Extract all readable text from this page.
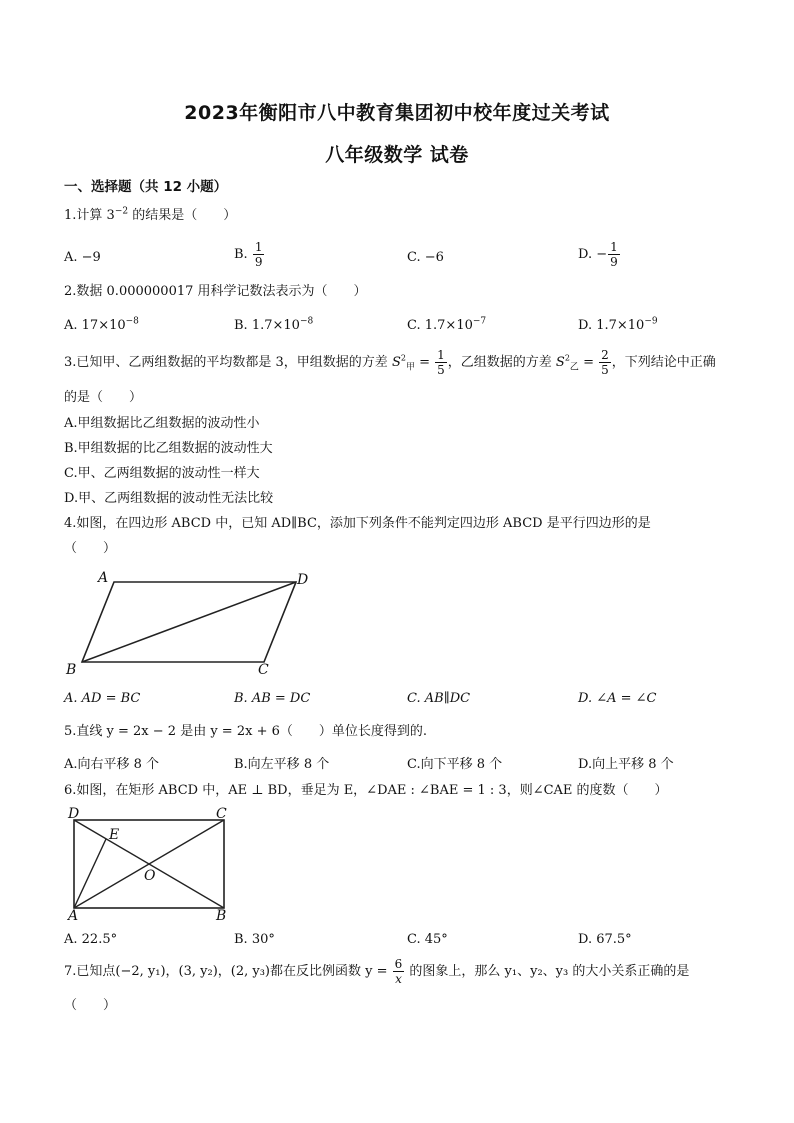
2023年衡阳市八中教育集团初中校年度过关考试
八年级数学 试卷
一、选择题（共 12 小题）
1.计算 $3^{-2}$ 的结果是（　　）
A. −9	B. $\frac{1}{9}$	C. −6	D. − $\frac{1}{9}$
2.数据 0.000000017 用科学记数法表示为（　　）
A. $17\times 10^{-8}$	B. $1.7\times 10^{-8}$	C. $1.7\times 10^{-7}$	D. $1.7\times 10^{-9}$
3.已知甲、乙两组数据的平均数都是 3，甲组数据的方差 $S^2_甲 = \frac{1}{5}$ ，乙组数据的方差 $S^2_乙 = \frac{2}{5}$ ，下列结论中正确
的是（　　）
A.甲组数据比乙组数据的波动性小
B.甲组数据的比乙组数据的波动性大
C.甲、乙两组数据的波动性一样大
D.甲、乙两组数据的波动性无法比较
4.如图，在四边形 ABCD 中，已知 AD∥BC，添加下列条件不能判定四边形 ABCD 是平行四边形的是
（　　）
A	D
B	C
A. AD = BC	B. AB = DC	C. AB∥DC	D. ∠A = ∠C
5.直线 y = 2x − 2 是由 y = 2x + 6（　　）单位长度得到的.
A.向右平移 8 个	B.向左平移 8 个	C.向下平移 8 个	D.向上平移 8 个
6.如图，在矩形 ABCD 中，AE ⊥ BD，垂足为 E，∠DAE : ∠BAE = 1 : 3，则∠CAE 的度数（　　）
D	C
A	B
E
O
A. 22.5°	B. 30°	C. 45°	D. 67.5°
7.已知点(−2, y₁)，(3, y₂)，(2, y₃)都在反比例函数 $y = \frac{6}{x}$ 的图象上，那么 y₁、y₂、y₃ 的大小关系正确的是
（　　）
